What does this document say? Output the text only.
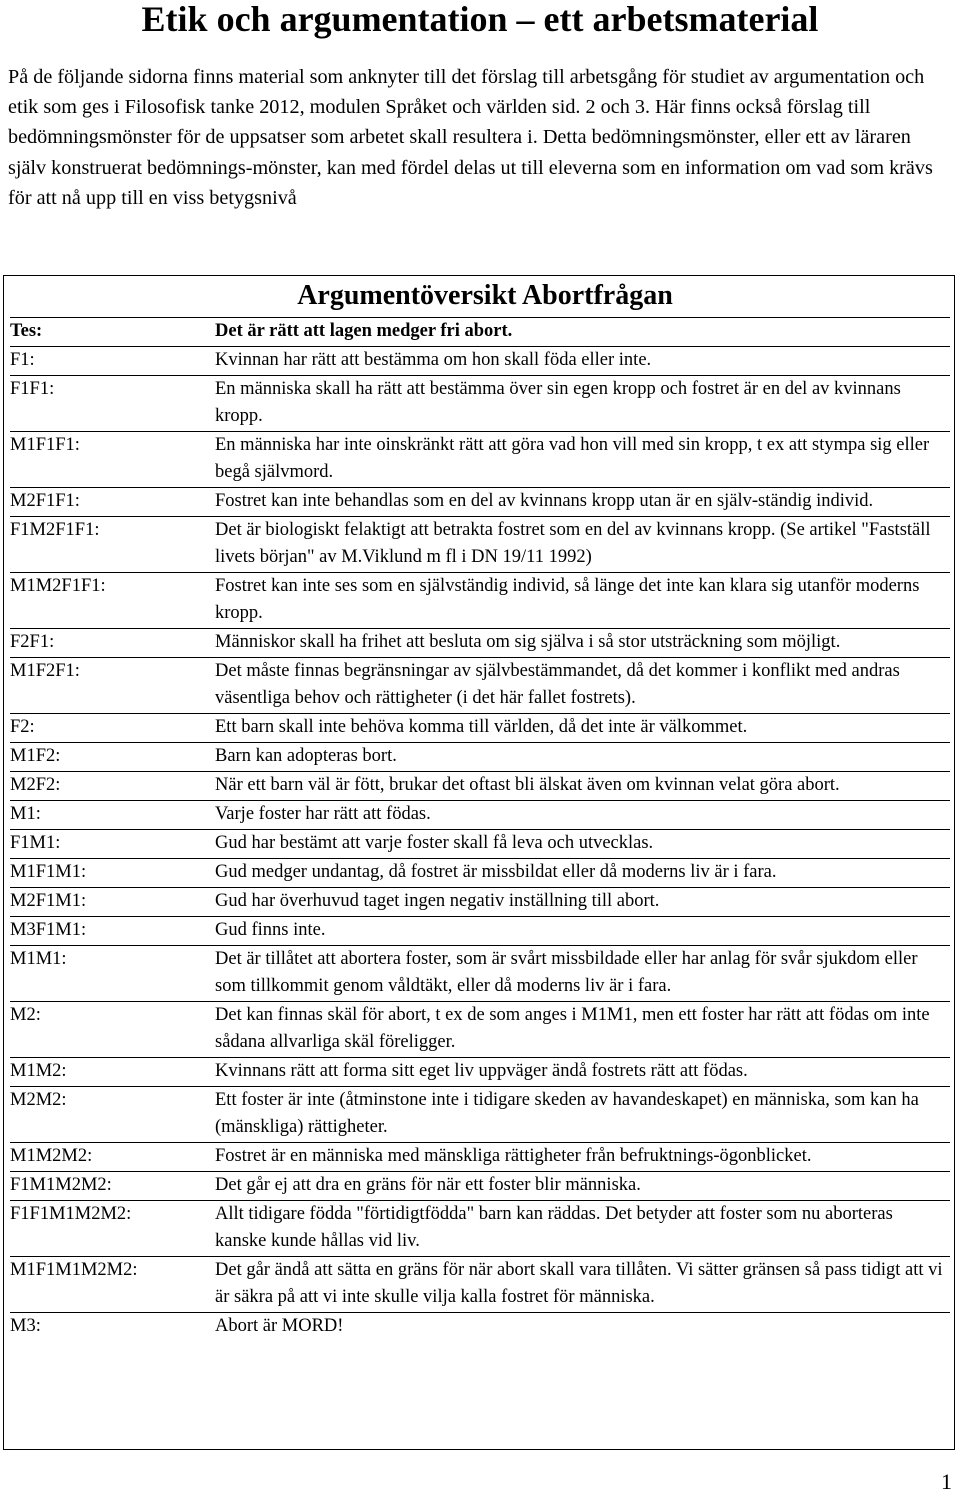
Etik och argumentation – ett arbetsmaterial

På de följande sidorna finns material som anknyter till det förslag till arbetsgång för studiet av argumentation och etik som ges i Filosofisk tanke 2012, modulen Språket och världen sid. 2 och 3. Här finns också förslag till bedömningsmönster för de uppsatser som arbetet skall resultera i. Detta bedömningsmönster, eller ett av läraren själv konstruerat bedömnings-mönster, kan med fördel delas ut till eleverna som en information om vad som krävs för att nå upp till en viss betygsnivå

Argumentöversikt Abortfrågan
Tes:	Det är rätt att lagen medger fri abort.
F1:	Kvinnan har rätt att bestämma om hon skall föda eller inte.
F1F1:	En människa skall ha rätt att bestämma över sin egen kropp och fostret är en del av kvinnans kropp.
M1F1F1:	En människa har inte oinskränkt rätt att göra vad hon vill med sin kropp, t ex att stympa sig eller begå självmord.
M2F1F1:	Fostret kan inte behandlas som en del av kvinnans kropp utan är en själv-ständig individ.
F1M2F1F1:	Det är biologiskt felaktigt att betrakta fostret som en del av kvinnans kropp. (Se artikel "Fastställ livets början" av M.Viklund m fl i DN 19/11 1992)
M1M2F1F1:	Fostret kan inte ses som en självständig individ, så länge det inte kan klara sig utanför moderns kropp.
F2F1:	Människor skall ha frihet att besluta om sig själva i så stor utsträckning som möjligt.
M1F2F1:	Det måste finnas begränsningar av självbestämmandet, då det kommer i konflikt med andras väsentliga behov och rättigheter (i det här fallet fostrets).
F2:	Ett barn skall inte behöva komma till världen, då det inte är välkommet.
M1F2:	Barn kan adopteras bort.
M2F2:	När ett barn väl är fött, brukar det oftast bli älskat även om kvinnan velat göra abort.
M1:	Varje foster har rätt att födas.
F1M1:	Gud har bestämt att varje foster skall få leva och utvecklas.
M1F1M1:	Gud medger undantag, då fostret är missbildat eller då moderns liv är i fara.
M2F1M1:	Gud har överhuvud taget ingen negativ inställning till abort.
M3F1M1:	Gud finns inte.
M1M1:	Det är tillåtet att abortera foster, som är svårt missbildade eller har anlag för svår sjukdom eller som tillkommit genom våldtäkt, eller då moderns liv är i fara.
M2:	Det kan finnas skäl för abort, t ex de som anges i M1M1, men ett foster har rätt att födas om inte sådana allvarliga skäl föreligger.
M1M2:	Kvinnans rätt att forma sitt eget liv uppväger ändå fostrets rätt att födas.
M2M2:	Ett foster är inte (åtminstone inte i tidigare skeden av havandeskapet) en människa, som kan ha (mänskliga) rättigheter.
M1M2M2:	Fostret är en människa med mänskliga rättigheter från befruktnings-ögonblicket.
F1M1M2M2:	Det går ej att dra en gräns för när ett foster blir människa.
F1F1M1M2M2:	Allt tidigare födda "förtidigtfödda" barn kan räddas. Det betyder att foster som nu aborteras kanske kunde hållas vid liv.
M1F1M1M2M2:	Det går ändå att sätta en gräns för när abort skall vara tillåten. Vi sätter gränsen så pass tidigt att vi är säkra på att vi inte skulle vilja kalla fostret för människa.
M3:	Abort är MORD!
1
